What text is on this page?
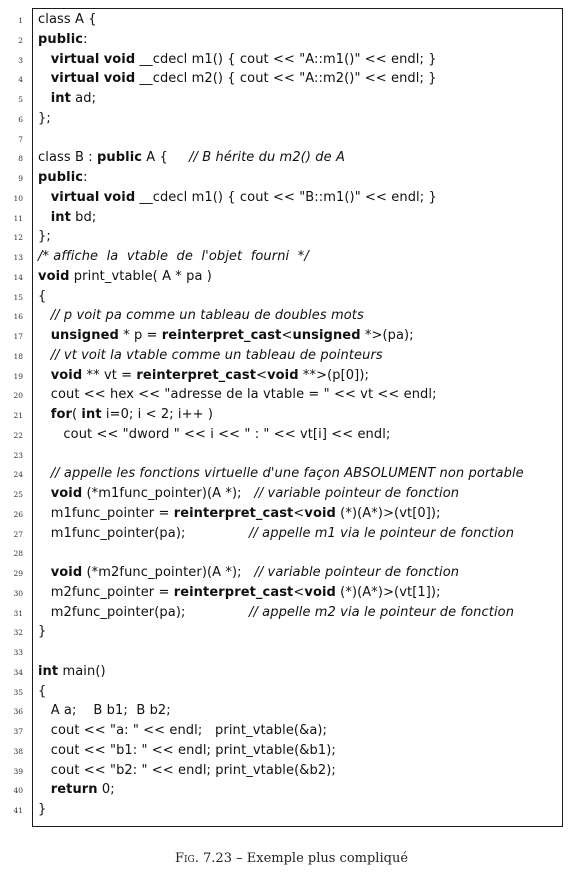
1 class A {
2 public:
3	virtual void __cdecl m1() { cout << "A::m1()" << endl; }
4	virtual void __cdecl m2() { cout << "A::m2()" << endl; }
5	int ad;
6 };
7
8 class B : public A {     // B hérite du m2() de A
9 public:
10	virtual void __cdecl m1() { cout << "B::m1()" << endl; }
11	int bd;
12 };
13 /* affiche  la  vtable  de  l'objet  fourni  */
14 void print_vtable( A * pa )
15 {
16	// p voit pa comme un tableau de doubles mots
17	unsigned * p = reinterpret_cast<unsigned *>(pa);
18	// vt voit la vtable comme un tableau de pointeurs
19	void ** vt = reinterpret_cast<void **>(p[0]);
20 cout << hex << "adresse de la vtable = " << vt << endl;
21	for( int i=0; i < 2; i++ )
22 cout << "dword " << i << " : " << vt[i] << endl;
23
24	// appelle les fonctions virtuelle d'une façon ABSOLUMENT non portable
25	void (*m1func_pointer)(A *);   // variable pointeur de fonction
26 m1func_pointer = reinterpret_cast<void (*)(A*)>(vt[0]);
27 m1func_pointer(pa);               // appelle m1 via le pointeur de fonction
28
29	void (*m2func_pointer)(A *);   // variable pointeur de fonction
30 m2func_pointer = reinterpret_cast<void (*)(A*)>(vt[1]);
31 m2func_pointer(pa);               // appelle m2 via le pointeur de fonction
32 }
33
34 int main()
35 {
36 A a;    B b1;  B b2;
37 cout << "a: " << endl;   print_vtable(&a);
38 cout << "b1: " << endl; print_vtable(&b1);
39 cout << "b2: " << endl; print_vtable(&b2);
40	return 0;
41 }
Fig. 7.23 – Exemple plus compliqué
